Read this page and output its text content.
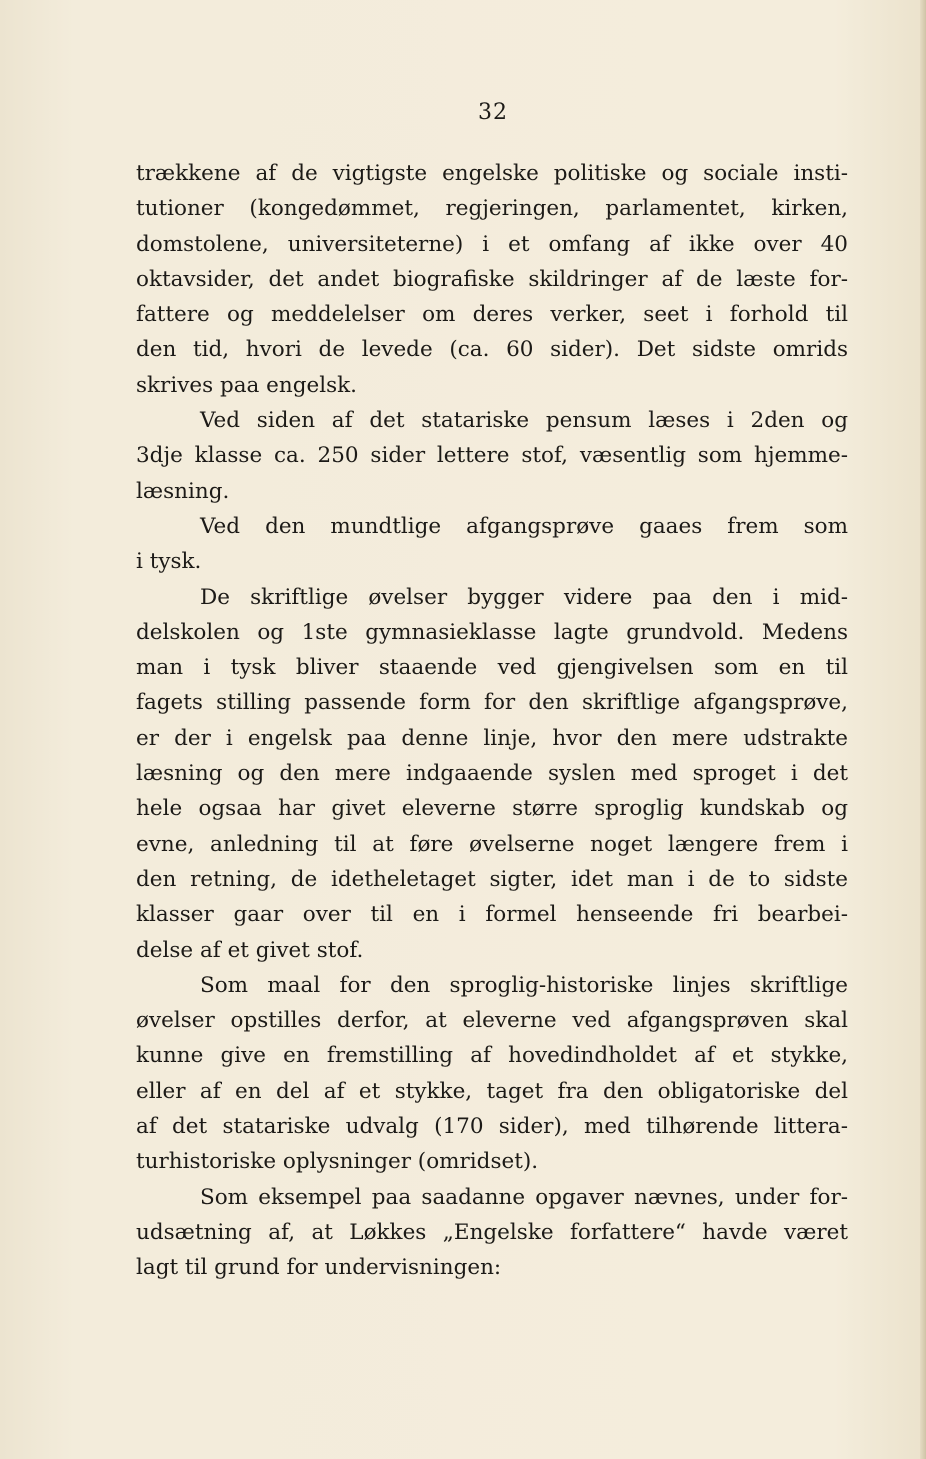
32
trækkene af de vigtigste engelske politiske og sociale insti-
tutioner (kongedømmet, regjeringen, parlamentet, kirken,
domstolene, universiteterne) i et omfang af ikke over 40
oktavsider, det andet biografiske skildringer af de læste for-
fattere og meddelelser om deres verker, seet i forhold til
den tid, hvori de levede (ca. 60 sider). Det sidste omrids
skrives paa engelsk.
Ved siden af det statariske pensum læses i 2den og
3dje klasse ca. 250 sider lettere stof, væsentlig som hjemme-
læsning.
Ved den mundtlige afgangsprøve gaaes frem som
i tysk.
De skriftlige øvelser bygger videre paa den i mid-
delskolen og 1ste gymnasieklasse lagte grundvold. Medens
man i tysk bliver staaende ved gjengivelsen som en til
fagets stilling passende form for den skriftlige afgangsprøve,
er der i engelsk paa denne linje, hvor den mere udstrakte
læsning og den mere indgaaende syslen med sproget i det
hele ogsaa har givet eleverne større sproglig kundskab og
evne, anledning til at føre øvelserne noget længere frem i
den retning, de idetheletaget sigter, idet man i de to sidste
klasser gaar over til en i formel henseende fri bearbei-
delse af et givet stof.
Som maal for den sproglig-historiske linjes skriftlige
øvelser opstilles derfor, at eleverne ved afgangsprøven skal
kunne give en fremstilling af hovedindholdet af et stykke,
eller af en del af et stykke, taget fra den obligatoriske del
af det statariske udvalg (170 sider), med tilhørende littera-
turhistoriske oplysninger (omridset).
Som eksempel paa saadanne opgaver nævnes, under for-
udsætning af, at Løkkes „Engelske forfattere“ havde været
lagt til grund for undervisningen:
